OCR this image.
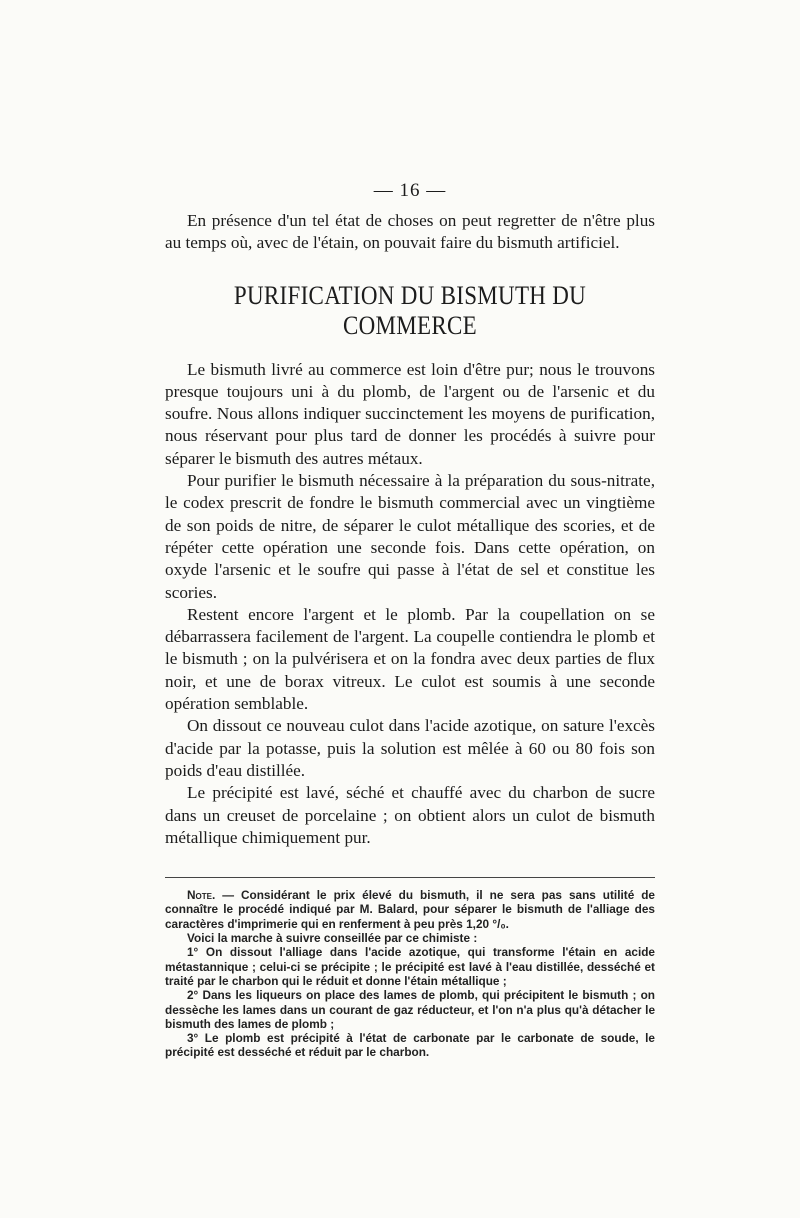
— 16 —

En présence d'un tel état de choses on peut regretter de n'être plus au temps où, avec de l'étain, on pouvait faire du bismuth artificiel.

PURIFICATION DU BISMUTH DU COMMERCE

Le bismuth livré au commerce est loin d'être pur; nous le trouvons presque toujours uni à du plomb, de l'argent ou de l'arsenic et du soufre. Nous allons indiquer succinctement les moyens de purification, nous réservant pour plus tard de donner les procédés à suivre pour séparer le bismuth des autres métaux.

Pour purifier le bismuth nécessaire à la préparation du sous-nitrate, le codex prescrit de fondre le bismuth commercial avec un vingtième de son poids de nitre, de séparer le culot métallique des scories, et de répéter cette opération une seconde fois. Dans cette opération, on oxyde l'arsenic et le soufre qui passe à l'état de sel et constitue les scories.

Restent encore l'argent et le plomb. Par la coupellation on se débarrassera facilement de l'argent. La coupelle contiendra le plomb et le bismuth ; on la pulvérisera et on la fondra avec deux parties de flux noir, et une de borax vitreux. Le culot est soumis à une seconde opération semblable.

On dissout ce nouveau culot dans l'acide azotique, on sature l'excès d'acide par la potasse, puis la solution est mêlée à 60 ou 80 fois son poids d'eau distillée.

Le précipité est lavé, séché et chauffé avec du charbon de sucre dans un creuset de porcelaine ; on obtient alors un culot de bismuth métallique chimiquement pur.

Note. — Considérant le prix élevé du bismuth, il ne sera pas sans utilité de connaître le procédé indiqué par M. Balard, pour séparer le bismuth de l'alliage des caractères d'imprimerie qui en renferment à peu près 1,20 °/₀.

Voici la marche à suivre conseillée par ce chimiste :

1° On dissout l'alliage dans l'acide azotique, qui transforme l'étain en acide métastannique ; celui-ci se précipite ; le précipité est lavé à l'eau distillée, desséché et traité par le charbon qui le réduit et donne l'étain métallique ;

2° Dans les liqueurs on place des lames de plomb, qui précipitent le bismuth ; on dessèche les lames dans un courant de gaz réducteur, et l'on n'a plus qu'à détacher le bismuth des lames de plomb ;

3° Le plomb est précipité à l'état de carbonate par le carbonate de soude, le précipité est desséché et réduit par le charbon.
